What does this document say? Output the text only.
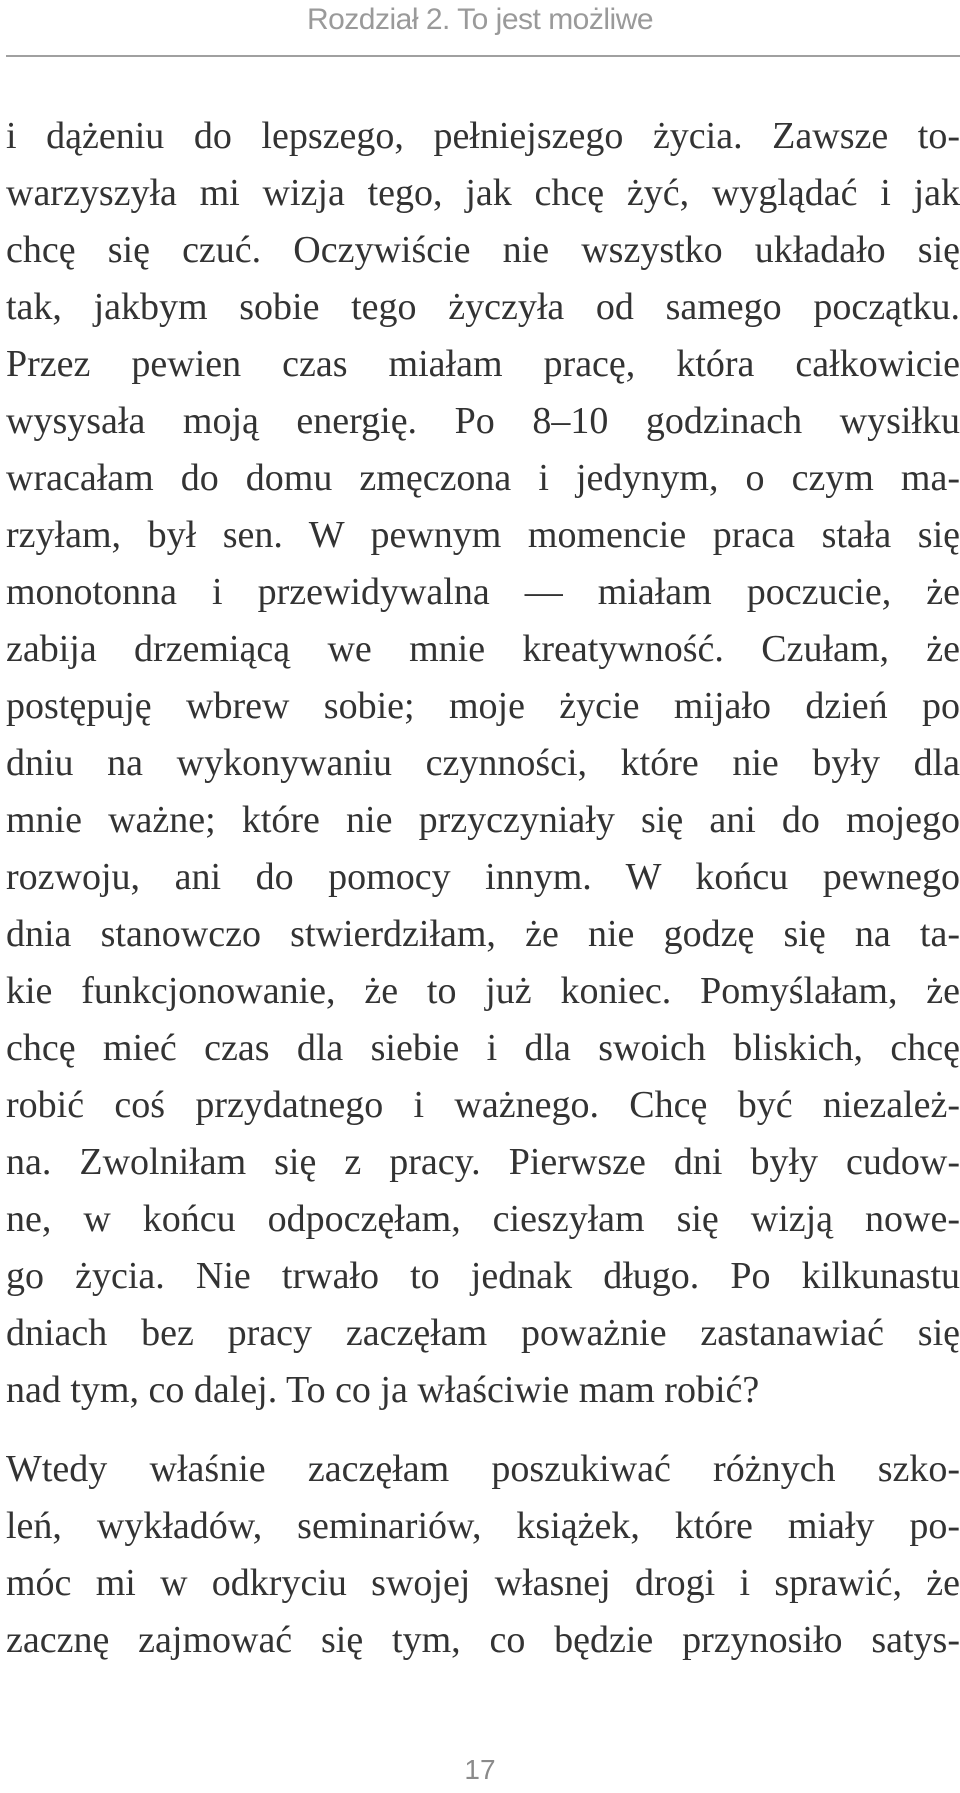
Rozdział 2. To jest możliwe
i dążeniu do lepszego, pełniejszego życia. Zawsze to-
warzyszyła mi wizja tego, jak chcę żyć, wyglądać i jak
chcę się czuć. Oczywiście nie wszystko układało się
tak, jakbym sobie tego życzyła od samego początku.
Przez pewien czas miałam pracę, która całkowicie
wysysała moją energię. Po 8–10 godzinach wysiłku
wracałam do domu zmęczona i jedynym, o czym ma-
rzyłam, był sen. W pewnym momencie praca stała się
monotonna i przewidywalna — miałam poczucie, że
zabija drzemiącą we mnie kreatywność. Czułam, że
postępuję wbrew sobie; moje życie mijało dzień po
dniu na wykonywaniu czynności, które nie były dla
mnie ważne; które nie przyczyniały się ani do mojego
rozwoju, ani do pomocy innym. W końcu pewnego
dnia stanowczo stwierdziłam, że nie godzę się na ta-
kie funkcjonowanie, że to już koniec. Pomyślałam, że
chcę mieć czas dla siebie i dla swoich bliskich, chcę
robić coś przydatnego i ważnego. Chcę być niezależ-
na. Zwolniłam się z pracy. Pierwsze dni były cudow-
ne, w końcu odpoczęłam, cieszyłam się wizją nowe-
go życia. Nie trwało to jednak długo. Po kilkunastu
dniach bez pracy zaczęłam poważnie zastanawiać się
nad tym, co dalej. To co ja właściwie mam robić?
Wtedy właśnie zaczęłam poszukiwać różnych szko-
leń, wykładów, seminariów, książek, które miały po-
móc mi w odkryciu swojej własnej drogi i sprawić, że
zacznę zajmować się tym, co będzie przynosiło satys-
17
